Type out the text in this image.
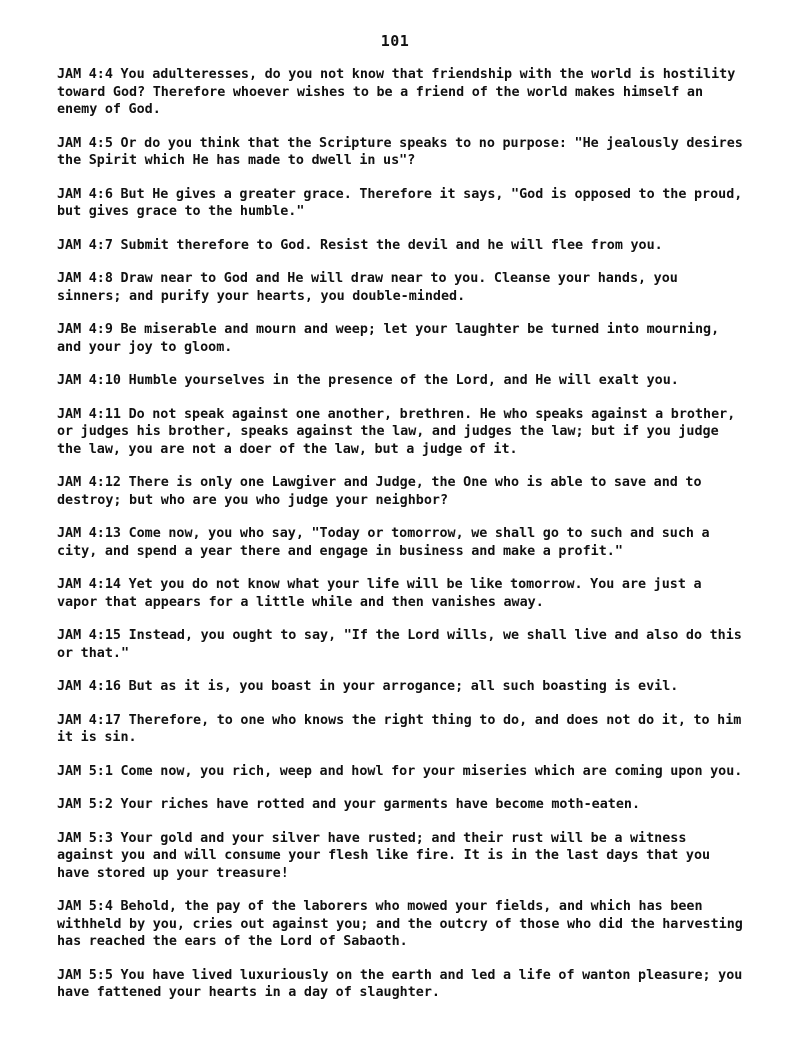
101

JAM 4:4 You adulteresses, do you not know that friendship with the world is hostility toward God? Therefore whoever wishes to be a friend of the world makes himself an enemy of God.

JAM 4:5 Or do you think that the Scripture speaks to no purpose: "He jealously desires the Spirit which He has made to dwell in us"?

JAM 4:6 But He gives a greater grace. Therefore it says, "God is opposed to the proud, but gives grace to the humble."

JAM 4:7 Submit therefore to God. Resist the devil and he will flee from you.

JAM 4:8 Draw near to God and He will draw near to you. Cleanse your hands, you sinners; and purify your hearts, you double-minded.

JAM 4:9 Be miserable and mourn and weep; let your laughter be turned into mourning, and your joy to gloom.

JAM 4:10 Humble yourselves in the presence of the Lord, and He will exalt you.

JAM 4:11 Do not speak against one another, brethren. He who speaks against a brother, or judges his brother, speaks against the law, and judges the law; but if you judge the law, you are not a doer of the law, but a judge of it.

JAM 4:12 There is only one Lawgiver and Judge, the One who is able to save and to destroy; but who are you who judge your neighbor?

JAM 4:13 Come now, you who say, "Today or tomorrow, we shall go to such and such a city, and spend a year there and engage in business and make a profit."

JAM 4:14 Yet you do not know what your life will be like tomorrow. You are just a vapor that appears for a little while and then vanishes away.

JAM 4:15 Instead, you ought to say, "If the Lord wills, we shall live and also do this or that."

JAM 4:16 But as it is, you boast in your arrogance; all such boasting is evil.

JAM 4:17 Therefore, to one who knows the right thing to do, and does not do it, to him it is sin.

JAM 5:1 Come now, you rich, weep and howl for your miseries which are coming upon you.

JAM 5:2 Your riches have rotted and your garments have become moth-eaten.

JAM 5:3 Your gold and your silver have rusted; and their rust will be a witness against you and will consume your flesh like fire. It is in the last days that you have stored up your treasure!

JAM 5:4 Behold, the pay of the laborers who mowed your fields, and which has been withheld by you, cries out against you; and the outcry of those who did the harvesting has reached the ears of the Lord of Sabaoth.

JAM 5:5 You have lived luxuriously on the earth and led a life of wanton pleasure; you have fattened your hearts in a day of slaughter.
